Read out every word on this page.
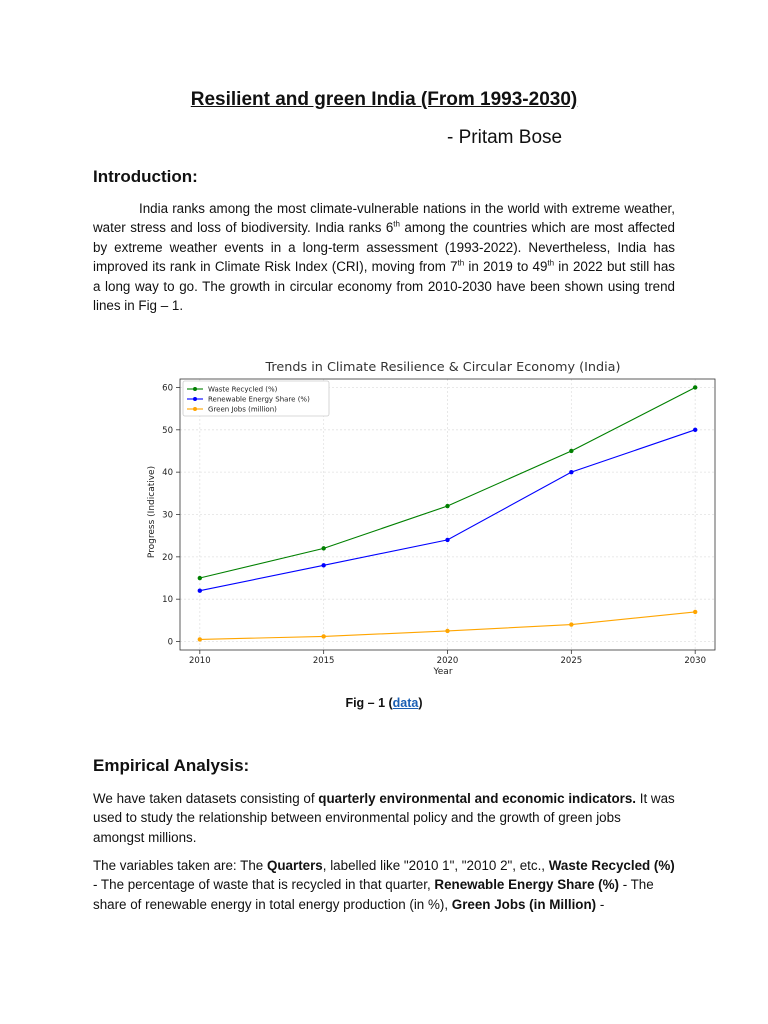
Resilient and green India (From 1993-2030)
- Pritam Bose
Introduction:
India ranks among the most climate-vulnerable nations in the world with extreme weather, water stress and loss of biodiversity. India ranks 6th among the countries which are most affected by extreme weather events in a long-term assessment (1993-2022). Nevertheless, India has improved its rank in Climate Risk Index (CRI), moving from 7th in 2019 to 49th in 2022 but still has a long way to go. The growth in circular economy from 2010-2030 have been shown using trend lines in Fig – 1.
Trends in Climate Resilience & Circular Economy (India)
Year
Progress (Indicative)
2010	2015	2020	2025	2030
0
10
20
30
40
50
60	Waste Recycled (%)
Renewable Energy Share (%)
Green Jobs (million)
Fig – 1 (data)
Empirical Analysis:
We have taken datasets consisting of quarterly environmental and economic indicators. It was used to study the relationship between environmental policy and the growth of green jobs amongst millions.
The variables taken are: The Quarters, labelled like "2010 1", "2010 2", etc., Waste Recycled (%) - The percentage of waste that is recycled in that quarter, Renewable Energy Share (%) - The share of renewable energy in total energy production (in %), Green Jobs (in Million) -
